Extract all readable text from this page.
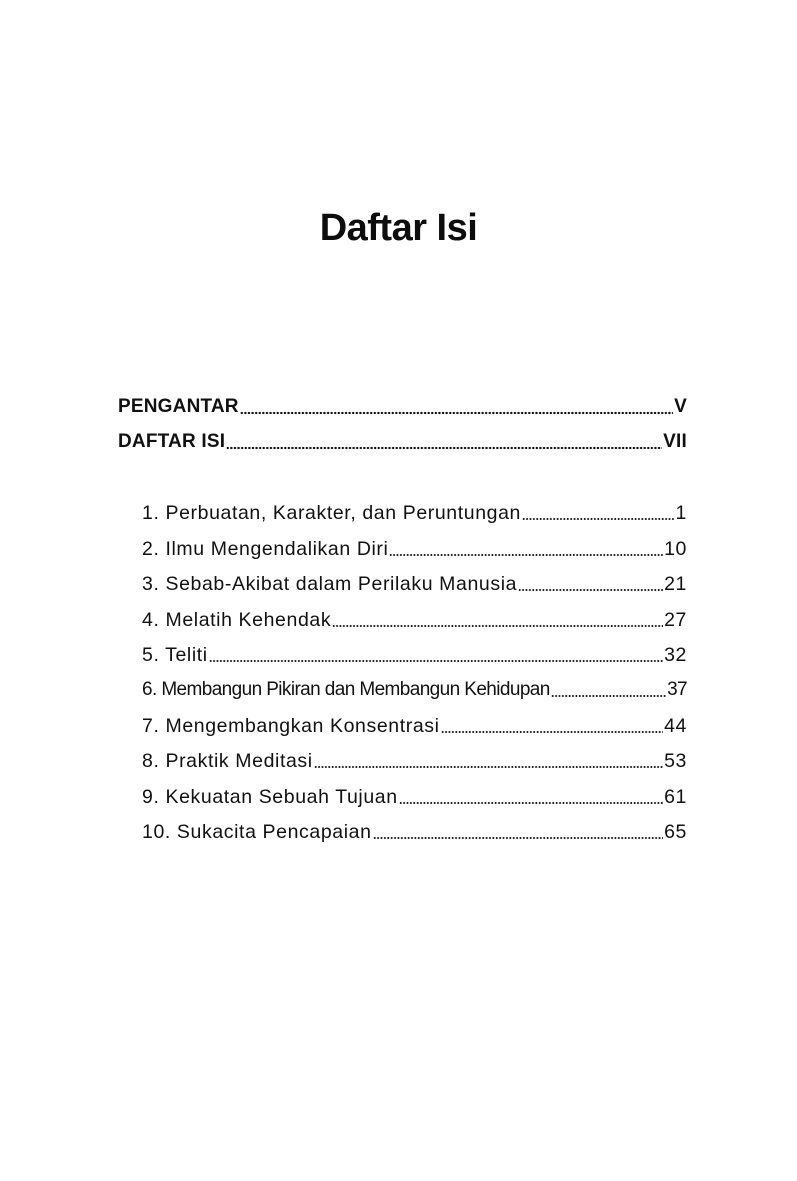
Daftar Isi
PENGANTAR	V
DAFTAR ISI	VII
1. Perbuatan, Karakter, dan Peruntungan	1
2. Ilmu Mengendalikan Diri	10
3. Sebab-Akibat dalam Perilaku Manusia	21
4. Melatih Kehendak	27
5. Teliti	32
6. Membangun Pikiran dan Membangun Kehidupan	37
7. Mengembangkan Konsentrasi	44
8. Praktik Meditasi	53
9. Kekuatan Sebuah Tujuan	61
10. Sukacita Pencapaian	65
